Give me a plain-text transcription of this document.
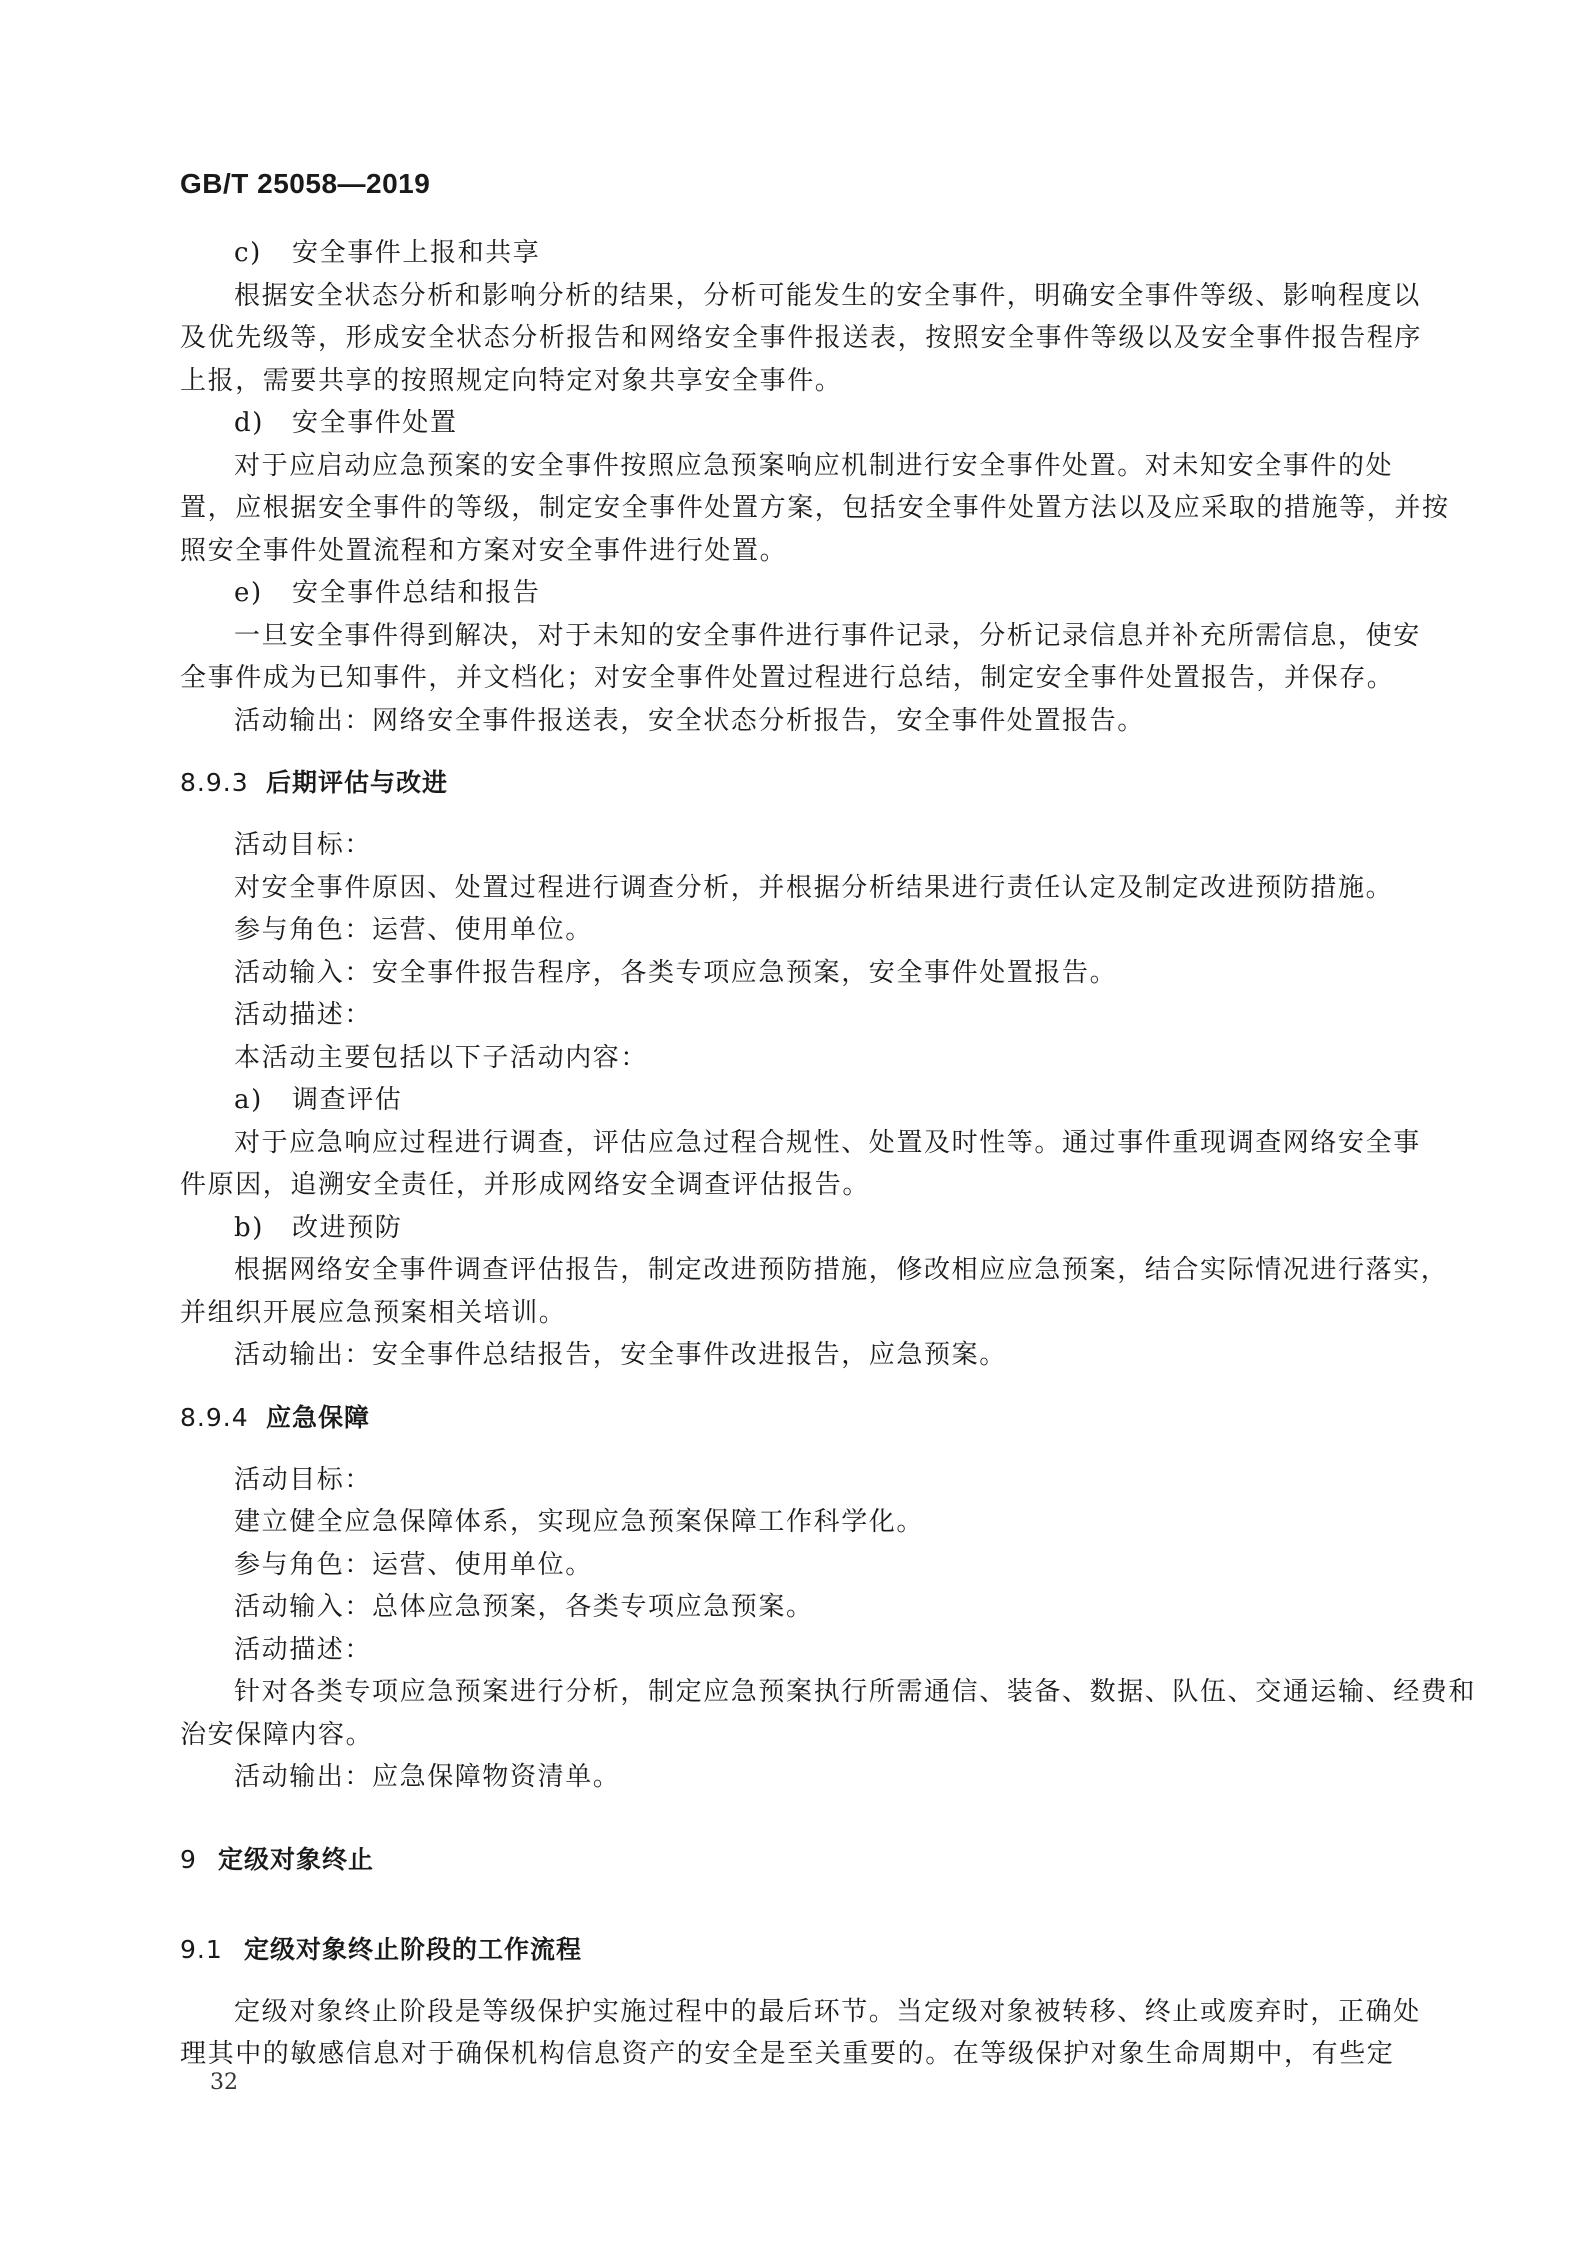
GB/T 25058—2019
c) 安全事件上报和共享
根据安全状态分析和影响分析的结果，分析可能发生的安全事件，明确安全事件等级、影响程度以
及优先级等，形成安全状态分析报告和网络安全事件报送表，按照安全事件等级以及安全事件报告程序
上报，需要共享的按照规定向特定对象共享安全事件。
d) 安全事件处置
对于应启动应急预案的安全事件按照应急预案响应机制进行安全事件处置。对未知安全事件的处
置，应根据安全事件的等级，制定安全事件处置方案，包括安全事件处置方法以及应采取的措施等，并按
照安全事件处置流程和方案对安全事件进行处置。
e) 安全事件总结和报告
一旦安全事件得到解决，对于未知的安全事件进行事件记录，分析记录信息并补充所需信息，使安
全事件成为已知事件，并文档化；对安全事件处置过程进行总结，制定安全事件处置报告，并保存。
活动输出：网络安全事件报送表，安全状态分析报告，安全事件处置报告。
8.9.3 后期评估与改进
活动目标：
对安全事件原因、处置过程进行调查分析，并根据分析结果进行责任认定及制定改进预防措施。
参与角色：运营、使用单位。
活动输入：安全事件报告程序，各类专项应急预案，安全事件处置报告。
活动描述：
本活动主要包括以下子活动内容：
a) 调查评估
对于应急响应过程进行调查，评估应急过程合规性、处置及时性等。通过事件重现调查网络安全事
件原因，追溯安全责任，并形成网络安全调查评估报告。
b) 改进预防
根据网络安全事件调查评估报告，制定改进预防措施，修改相应应急预案，结合实际情况进行落实，
并组织开展应急预案相关培训。
活动输出：安全事件总结报告，安全事件改进报告，应急预案。
8.9.4 应急保障
活动目标：
建立健全应急保障体系，实现应急预案保障工作科学化。
参与角色：运营、使用单位。
活动输入：总体应急预案，各类专项应急预案。
活动描述：
针对各类专项应急预案进行分析，制定应急预案执行所需通信、装备、数据、队伍、交通运输、经费和
治安保障内容。
活动输出：应急保障物资清单。
9 定级对象终止
9.1 定级对象终止阶段的工作流程
定级对象终止阶段是等级保护实施过程中的最后环节。当定级对象被转移、终止或废弃时，正确处
理其中的敏感信息对于确保机构信息资产的安全是至关重要的。在等级保护对象生命周期中，有些定
32
